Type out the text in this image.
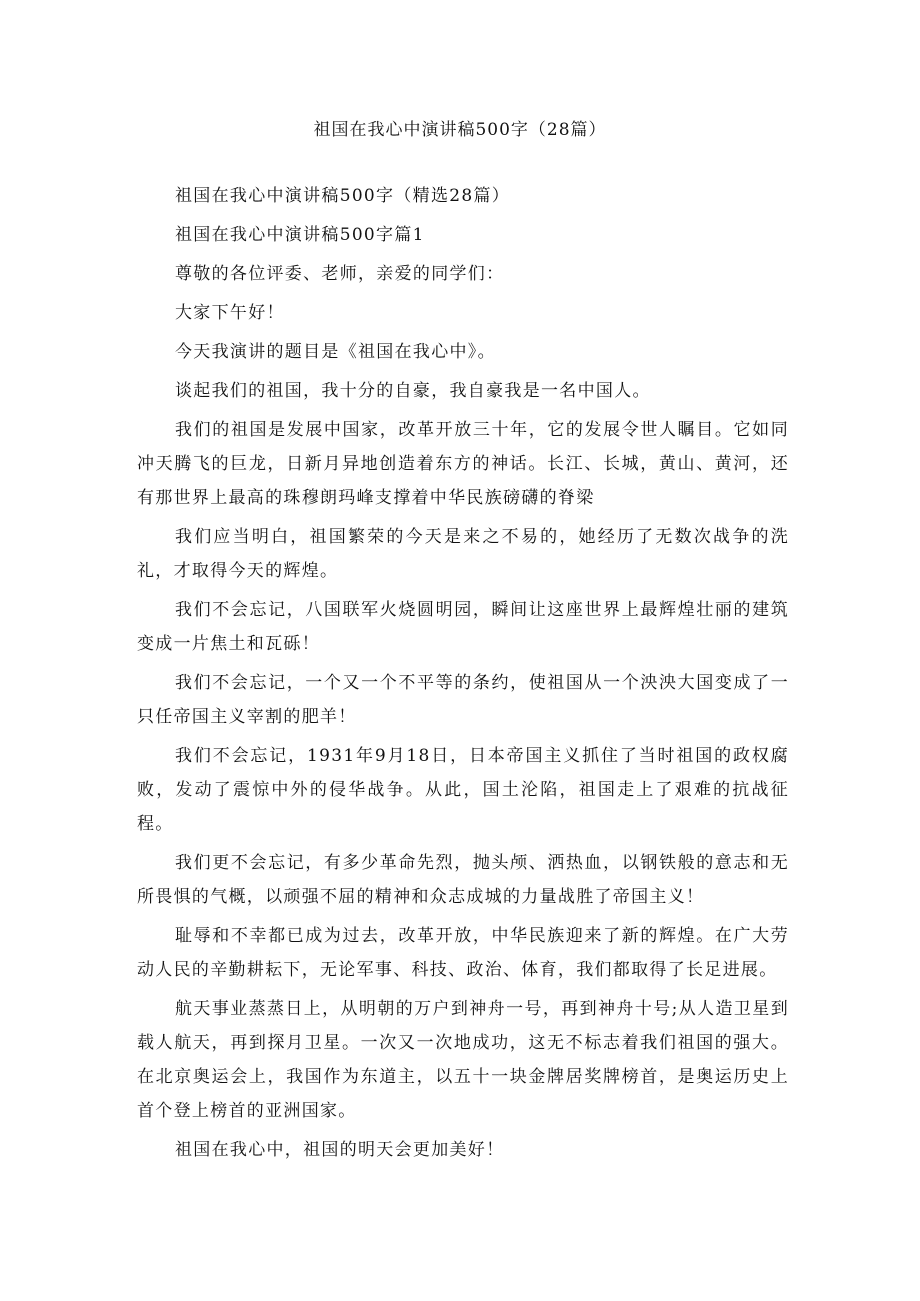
祖国在我心中演讲稿500字（28篇）

祖国在我心中演讲稿500字（精选28篇）

祖国在我心中演讲稿500字篇1

尊敬的各位评委、老师，亲爱的同学们：

大家下午好！

今天我演讲的题目是《祖国在我心中》。

谈起我们的祖国，我十分的自豪，我自豪我是一名中国人。

我们的祖国是发展中国家，改革开放三十年，它的发展令世人瞩目。它如同冲天腾飞的巨龙，日新月异地创造着东方的神话。长江、长城，黄山、黄河，还有那世界上最高的珠穆朗玛峰支撑着中华民族磅礴的脊梁

我们应当明白，祖国繁荣的今天是来之不易的，她经历了无数次战争的洗礼，才取得今天的辉煌。

我们不会忘记，八国联军火烧圆明园，瞬间让这座世界上最辉煌壮丽的建筑变成一片焦土和瓦砾！

我们不会忘记，一个又一个不平等的条约，使祖国从一个泱泱大国变成了一只任帝国主义宰割的肥羊！

我们不会忘记，1931年9月18日，日本帝国主义抓住了当时祖国的政权腐败，发动了震惊中外的侵华战争。从此，国土沦陷，祖国走上了艰难的抗战征程。

我们更不会忘记，有多少革命先烈，抛头颅、洒热血，以钢铁般的意志和无所畏惧的气概，以顽强不屈的精神和众志成城的力量战胜了帝国主义！

耻辱和不幸都已成为过去，改革开放，中华民族迎来了新的辉煌。在广大劳动人民的辛勤耕耘下，无论军事、科技、政治、体育，我们都取得了长足进展。

航天事业蒸蒸日上，从明朝的万户到神舟一号，再到神舟十号;从人造卫星到载人航天，再到探月卫星。一次又一次地成功，这无不标志着我们祖国的强大。在北京奥运会上，我国作为东道主，以五十一块金牌居奖牌榜首，是奥运历史上首个登上榜首的亚洲国家。

祖国在我心中，祖国的明天会更加美好！
